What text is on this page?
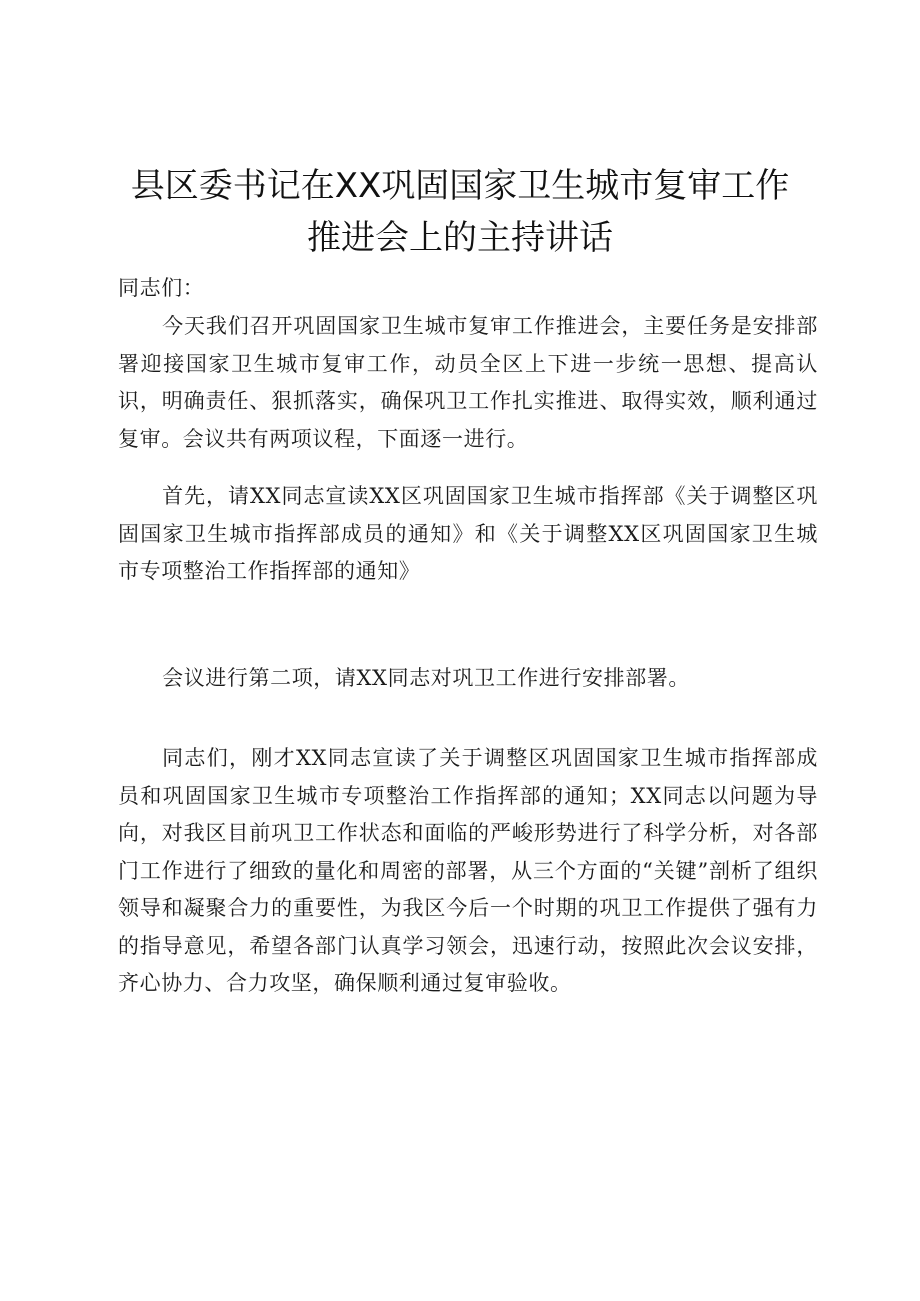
县区委书记在XX巩固国家卫生城市复审工作
推进会上的主持讲话
同志们：

今天我们召开巩固国家卫生城市复审工作推进会，主要任务是安排部署迎接国家卫生城市复审工作，动员全区上下进一步统一思想、提高认识，明确责任、狠抓落实，确保巩卫工作扎实推进、取得实效，顺利通过复审。会议共有两项议程，下面逐一进行。

首先，请XX同志宣读XX区巩固国家卫生城市指挥部《关于调整区巩固国家卫生城市指挥部成员的通知》和《关于调整XX区巩固国家卫生城市专项整治工作指挥部的通知》

会议进行第二项，请XX同志对巩卫工作进行安排部署。

同志们，刚才XX同志宣读了关于调整区巩固国家卫生城市指挥部成员和巩固国家卫生城市专项整治工作指挥部的通知；XX同志以问题为导向，对我区目前巩卫工作状态和面临的严峻形势进行了科学分析，对各部门工作进行了细致的量化和周密的部署，从三个方面的“关键”剖析了组织领导和凝聚合力的重要性，为我区今后一个时期的巩卫工作提供了强有力的指导意见，希望各部门认真学习领会，迅速行动，按照此次会议安排，齐心协力、合力攻坚，确保顺利通过复审验收。
